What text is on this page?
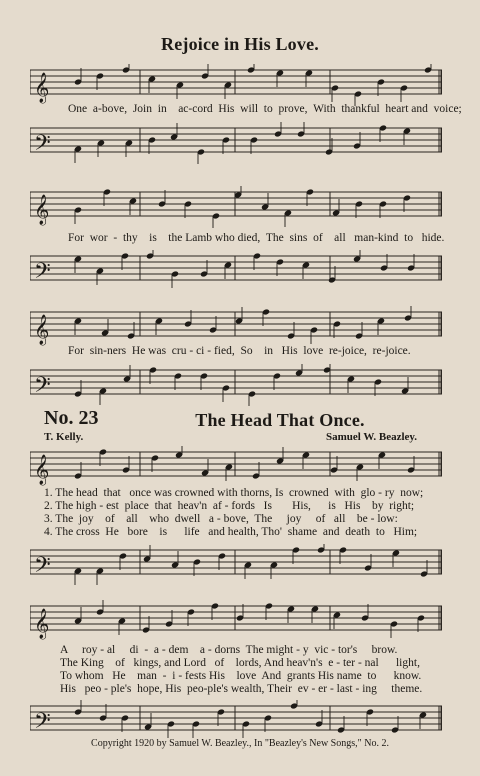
Rejoice in His Love.
𝄞
One  a-bove,  Join  in    ac-cord  His  will  to  prove,  With  thankful  heart and  voice;
𝄢
𝄞
For  wor  -  thy    is    the Lamb who died,  The  sins  of    all   man-kind  to   hide.
𝄢
𝄞
For  sin-ners  He was  cru - ci - fied,  So    in   His  love  re-joice,  re-joice.
𝄢
No. 23	The Head That Once.
T. Kelly.	Samuel W. Beazley.
𝄞
1. The head  that   once was crowned with thorns, Is  crowned  with  glo - ry  now;
2. The high - est  place  that  heav'n  af - fords   Is       His,      is   His    by  right;
3. The  joy    of    all    who  dwell   a - bove,  The     joy     of   all    be - low:
4. The cross  He   bore    is      life   and health, Tho'  shame  and  death  to   Him;
𝄢
𝄞
A     roy - al     di  -  a - dem    a - dorns  The might - y  vic - tor's     brow.
The King    of   kings, and Lord   of    lords, And heav'n's  e - ter - nal      light,
To whom   He    man  -  i - fests His    love  And  grants His name  to      know.
His   peo - ple's  hope, His  peo-ple's wealth, Their  ev - er - last - ing     theme.
𝄢
Copyright 1920 by Samuel W. Beazley., In "Beazley's New Songs," No. 2.
